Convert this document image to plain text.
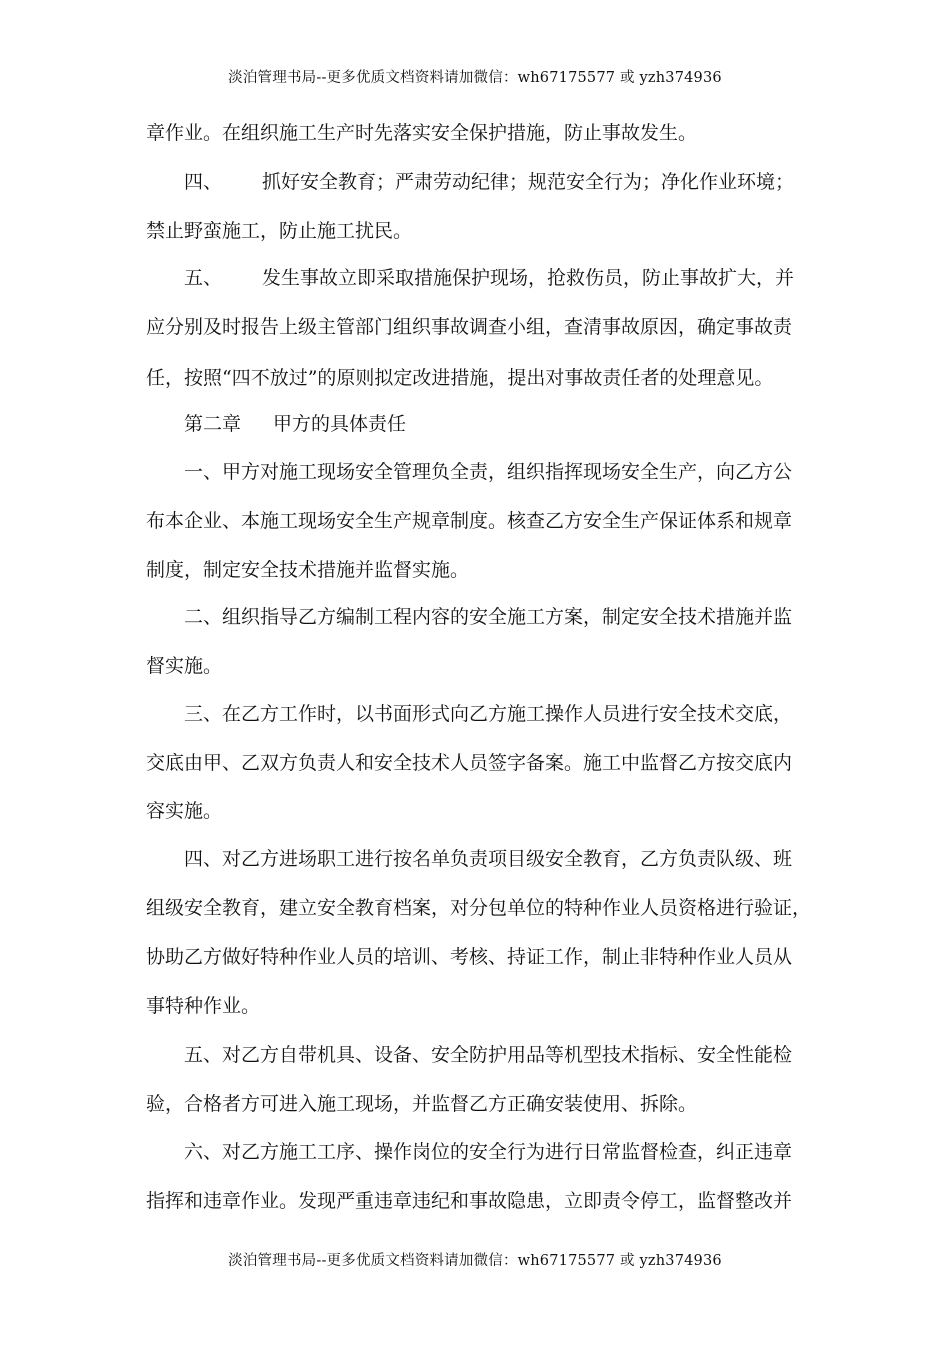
淡泊管理书局--更多优质文档资料请加微信：wh67175577 或 yzh374936
章作业。在组织施工生产时先落实安全保护措施，防止事故发生。
四、 抓好安全教育；严肃劳动纪律；规范安全行为；净化作业环境；
禁止野蛮施工，防止施工扰民。
五、 发生事故立即采取措施保护现场，抢救伤员，防止事故扩大，并
应分别及时报告上级主管部门组织事故调查小组，查清事故原因，确定事故责
任，按照“四不放过”的原则拟定改进措施，提出对事故责任者的处理意见。
第二章 甲方的具体责任
一、甲方对施工现场安全管理负全责，组织指挥现场安全生产，向乙方公
布本企业、本施工现场安全生产规章制度。核查乙方安全生产保证体系和规章
制度，制定安全技术措施并监督实施。
二、组织指导乙方编制工程内容的安全施工方案，制定安全技术措施并监
督实施。
三、在乙方工作时，以书面形式向乙方施工操作人员进行安全技术交底，
交底由甲、乙双方负责人和安全技术人员签字备案。施工中监督乙方按交底内
容实施。
四、对乙方进场职工进行按名单负责项目级安全教育，乙方负责队级、班
组级安全教育，建立安全教育档案，对分包单位的特种作业人员资格进行验证，
协助乙方做好特种作业人员的培训、考核、持证工作，制止非特种作业人员从
事特种作业。
五、对乙方自带机具、设备、安全防护用品等机型技术指标、安全性能检
验，合格者方可进入施工现场，并监督乙方正确安装使用、拆除。
六、对乙方施工工序、操作岗位的安全行为进行日常监督检查，纠正违章
指挥和违章作业。发现严重违章违纪和事故隐患，立即责令停工，监督整改并
淡泊管理书局--更多优质文档资料请加微信：wh67175577 或 yzh374936
